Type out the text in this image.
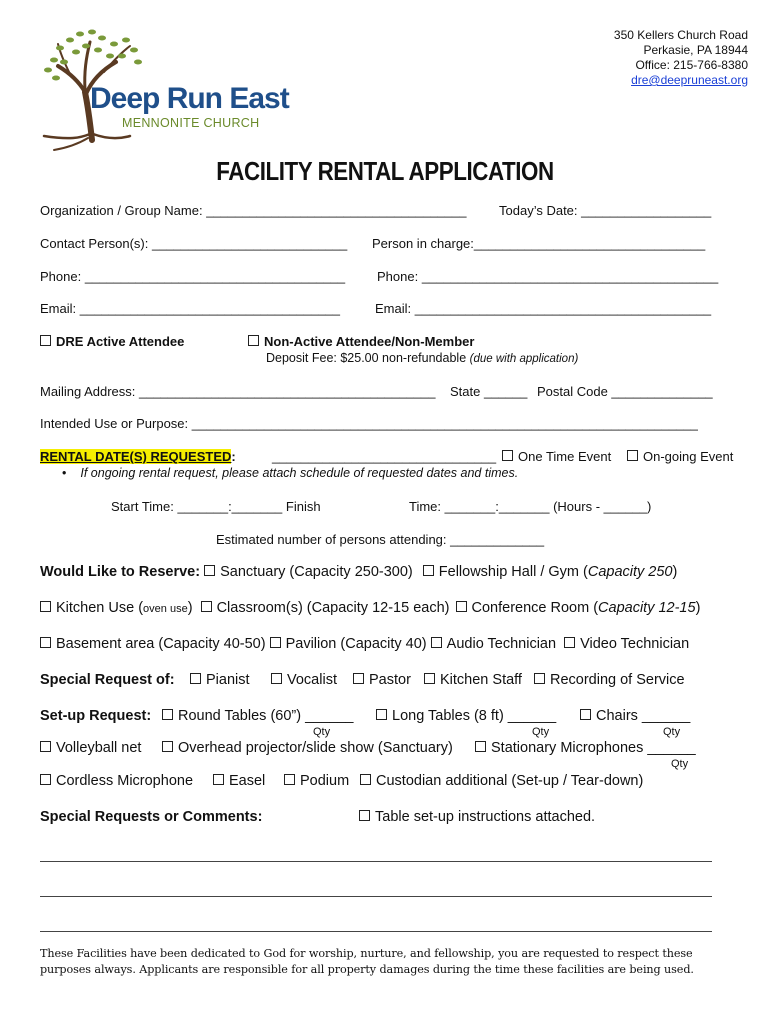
Deep Run East
MENNONITE CHURCH
350 Kellers Church Road
Perkasie, PA 18944
Office: 215-766-8380
dre@deepruneast.org
FACILITY RENTAL APPLICATION
Organization / Group Name: ____________________________________	Today’s Date: __________________
Contact Person(s): ___________________________ Person in charge:________________________________
Phone: ____________________________________ Phone: _________________________________________
Email: ____________________________________	Email: _________________________________________
DRE Active Attendee	Non-Active Attendee/Non-Member
Deposit Fee: $25.00 non-refundable (due with application)
Mailing Address: _________________________________________ State ______ Postal Code ______________
Intended Use or Purpose: ______________________________________________________________________
RENTAL DATE(S) REQUESTED:	_______________________________	One Time Event	On-going Event
• If ongoing rental request, please attach schedule of requested dates and times.
Start Time: _______:_______ Finish	Time: _______:_______ (Hours - ______)
Estimated number of persons attending: _____________
Would Like to Reserve: Sanctuary (Capacity 250-300) Fellowship Hall / Gym (Capacity 250)
Kitchen Use (oven use) Classroom(s) (Capacity 12-15 each) Conference Room (Capacity 12-15)
Basement area (Capacity 40-50) Pavilion (Capacity 40) Audio Technician Video Technician
Special Request of:	Pianist	Vocalist	Pastor	Kitchen Staff	Recording of Service
Set-up Request:	Round Tables (60”) ______	Long Tables (8 ft) ______	Chairs ______
Qty	Qty	Qty
Volleyball net	Overhead projector/slide show (Sanctuary)	Stationary Microphones ______
Qty
Cordless Microphone	Easel	Podium	Custodian additional (Set-up / Tear-down)
Special Requests or Comments:	Table set-up instructions attached.
These Facilities have been dedicated to God for worship, nurture, and fellowship, you are requested to respect these purposes always. Applicants are responsible for all property damages during the time these facilities are being used.
